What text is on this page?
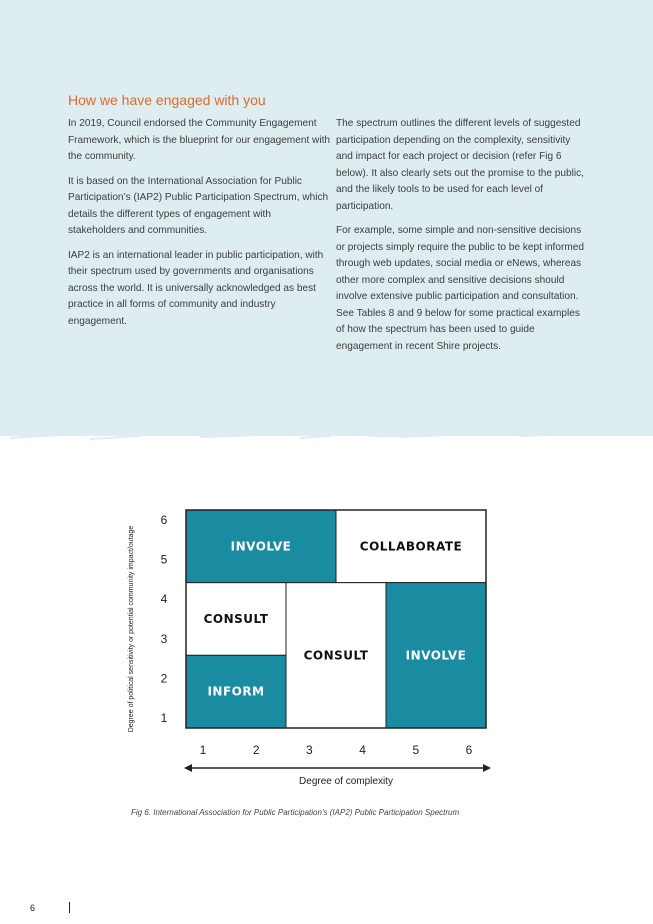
How we have engaged with you

In 2019, Council endorsed the Community Engagement Framework, which is the blueprint for our engagement with the community.

It is based on the International Association for Public Participation’s (IAP2) Public Participation Spectrum, which details the different types of engagement with stakeholders and communities.

IAP2 is an international leader in public participation, with their spectrum used by governments and organisations across the world. It is universally acknowledged as best practice in all forms of community and industry engagement.

The spectrum outlines the different levels of suggested participation depending on the complexity, sensitivity and impact for each project or decision (refer Fig 6 below). It also clearly sets out the promise to the public, and the likely tools to be used for each level of participation.

For example, some simple and non-sensitive decisions or projects simply require the public to be kept informed through web updates, social media or eNews, whereas other more complex and sensitive decisions should involve extensive public participation and consultation. See Tables 8 and 9 below for some practical examples of how the spectrum has been used to guide engagement in recent Shire projects.

INVOLVE	COLLABORATE
CONSULT
INFORM
CONSULT	INVOLVE
1
2
3
4
5
6
1	2	3	4	5	6
Degree of complexity
Degree of political sensitivity or potential community impact/outage
Fig 6. International Association for Public Participation’s (IAP2) Public Participation Spectrum
6
